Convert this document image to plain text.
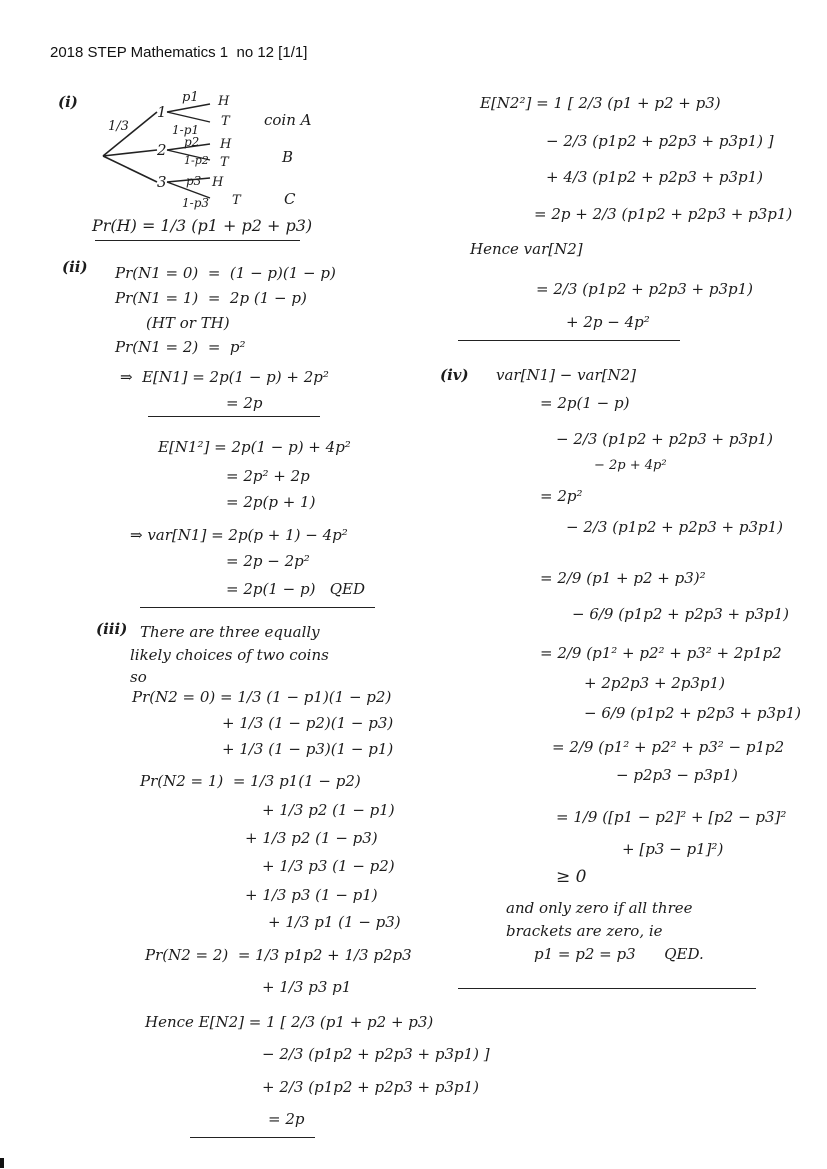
2018 STEP Mathematics 1  no 12 [1/1]
(i)
1/3
1
2
3
p1
1-p1
p2
1-p2
p3
1-p3
H
T
H
T
H
T
coin A
B
C
Pr(H) = 1/3 (p1 + p2 + p3)
(ii) Pr(N1 = 0)  =  (1 − p)(1 − p)
Pr(N1 = 1)  =  2p (1 − p)
(HT or TH)
Pr(N1 = 2)  =  p²
⇒  E[N1] = 2p(1 − p) + 2p²
= 2p
E[N1²] = 2p(1 − p) + 4p²
= 2p² + 2p
= 2p(p + 1)
⇒ var[N1] = 2p(p + 1) − 4p²
= 2p − 2p²
= 2p(1 − p)   QED
(iii) There are three equally
likely choices of two coins
so
Pr(N2 = 0) = 1/3 (1 − p1)(1 − p2)
+ 1/3 (1 − p2)(1 − p3)
+ 1/3 (1 − p3)(1 − p1)
Pr(N2 = 1)  = 1/3 p1(1 − p2)
+ 1/3 p2 (1 − p1)
+ 1/3 p2 (1 − p3)
+ 1/3 p3 (1 − p2)
+ 1/3 p3 (1 − p1)
+ 1/3 p1 (1 − p3)
Pr(N2 = 2)  = 1/3 p1p2 + 1/3 p2p3
+ 1/3 p3 p1
Hence E[N2] = 1 [ 2/3 (p1 + p2 + p3)
− 2/3 (p1p2 + p2p3 + p3p1) ]
+ 2/3 (p1p2 + p2p3 + p3p1)
= 2p
E[N2²] = 1 [ 2/3 (p1 + p2 + p3)
− 2/3 (p1p2 + p2p3 + p3p1) ]
+ 4/3 (p1p2 + p2p3 + p3p1)
= 2p + 2/3 (p1p2 + p2p3 + p3p1)
Hence var[N2]
= 2/3 (p1p2 + p2p3 + p3p1)
+ 2p − 4p²
(iv) var[N1] − var[N2]
= 2p(1 − p)
− 2/3 (p1p2 + p2p3 + p3p1)
− 2p + 4p²
= 2p²
− 2/3 (p1p2 + p2p3 + p3p1)
= 2/9 (p1 + p2 + p3)²
− 6/9 (p1p2 + p2p3 + p3p1)
= 2/9 (p1² + p2² + p3² + 2p1p2
+ 2p2p3 + 2p3p1)
− 6/9 (p1p2 + p2p3 + p3p1)
= 2/9 (p1² + p2² + p3² − p1p2
− p2p3 − p3p1)
= 1/9 ([p1 − p2]² + [p2 − p3]²
+ [p3 − p1]²)
≥ 0
and only zero if all three
brackets are zero, ie
p1 = p2 = p3      QED.
